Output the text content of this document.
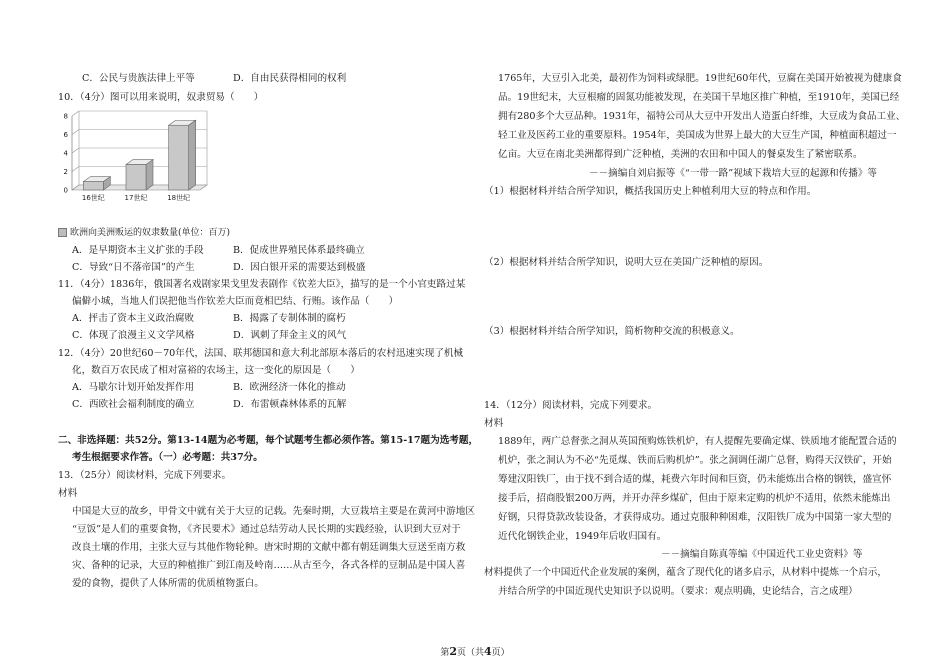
C．公民与贵族法律上平等	D．自由民获得相同的权利
10．（4分）图可以用来说明，奴隶贸易（　　）
0
2
4
6
8
16世纪	17世纪	18世纪
欧洲向美洲贩运的奴隶数量(单位：百万)
A．是早期资本主义扩张的手段	B．促成世界殖民体系最终确立
C．导致“日不落帝国”的产生	D．因白银开采的需要达到极盛
11．（4分）1836年，俄国著名戏剧家果戈里发表剧作《钦差大臣》，描写的是一个小官吏路过某
偏僻小城，当地人们误把他当作钦差大臣而竟相巴结、行贿。该作品（　　）
A．抨击了资本主义政治腐败	B．揭露了专制体制的腐朽
C．体现了浪漫主义文学风格	D．讽刺了拜金主义的风气
12．（4分）20世纪60－70年代，法国、联邦德国和意大利北部原本落后的农村迅速实现了机械
化，数百万农民成了相对富裕的农场主，这一变化的原因是（　　）
A．马歇尔计划开始发挥作用	B．欧洲经济一体化的推动
C．西欧社会福利制度的确立	D．布雷顿森林体系的瓦解
二、非选择题：共52分。第13-14题为必考题，每个试题考生都必须作答。第15-17题为选考题，
考生根据要求作答。（一）必考题：共37分。
13．（25分）阅读材料，完成下列要求。
材料
中国是大豆的故乡，甲骨文中就有关于大豆的记载。先秦时期，大豆栽培主要是在黄河中游地区
“豆饭”是人们的重要食物，《齐民要术》通过总结劳动人民长期的实践经验，认识到大豆对于
改良土壤的作用，主张大豆与其他作物轮种。唐宋时期的文献中都有朝廷调集大豆送至南方救
灾、备种的记录，大豆的种植推广到江南及岭南……从古至今，各式各样的豆制品是中国人喜
爱的食物，提供了人体所需的优质植物蛋白。
1765年，大豆引入北美，最初作为饲料或绿肥。19世纪60年代，豆腐在美国开始被视为健康食
品。19世纪末，大豆根瘤的固氮功能被发现，在美国干旱地区推广种植，至1910年，美国已经
拥有280多个大豆品种。1931年，福特公司从大豆中开发出人造蛋白纤维，大豆成为食品工业、
轻工业及医药工业的重要原料。1954年，美国成为世界上最大的大豆生产国，种植面积超过一
亿亩。大豆在南北美洲都得到广泛种植，美洲的农田和中国人的餐桌发生了紧密联系。
－－摘编自刘启振等《“一带一路”视域下栽培大豆的起源和传播》等
（1）根据材料并结合所学知识，概括我国历史上种植利用大豆的特点和作用。
（2）根据材料并结合所学知识，说明大豆在美国广泛种植的原因。
（3）根据材料并结合所学知识，简析物种交流的积极意义。
14．（12分）阅读材料，完成下列要求。
材料
1889年，两广总督张之洞从英国预购炼铁机炉，有人提醒先要确定煤、铁质地才能配置合适的
机炉，张之洞认为不必“先觅煤、铁而后购机炉”。张之洞调任湖广总督，购得天汉铁矿，开始
筹建汉阳铁厂，由于找不到合适的煤，耗费六年时间和巨资，仍未能炼出合格的钢铁，盛宣怀
接手后，招商股银200万两，并开办萍乡煤矿，但由于原来定购的机炉不适用，依然未能炼出
好钢，只得贷款改装设备，才获得成功。通过克服种种困难，汉阳铁厂成为中国第一家大型的
近代化钢铁企业，1949年后收归国有。
－－摘编自陈真等编《中国近代工业史资料》等
材料提供了一个中国近代企业发展的案例，蕴含了现代化的诸多启示，从材料中提炼一个启示，
并结合所学的中国近现代史知识予以说明。（要求：观点明确，史论结合，言之成理）
第2页（共4页）
